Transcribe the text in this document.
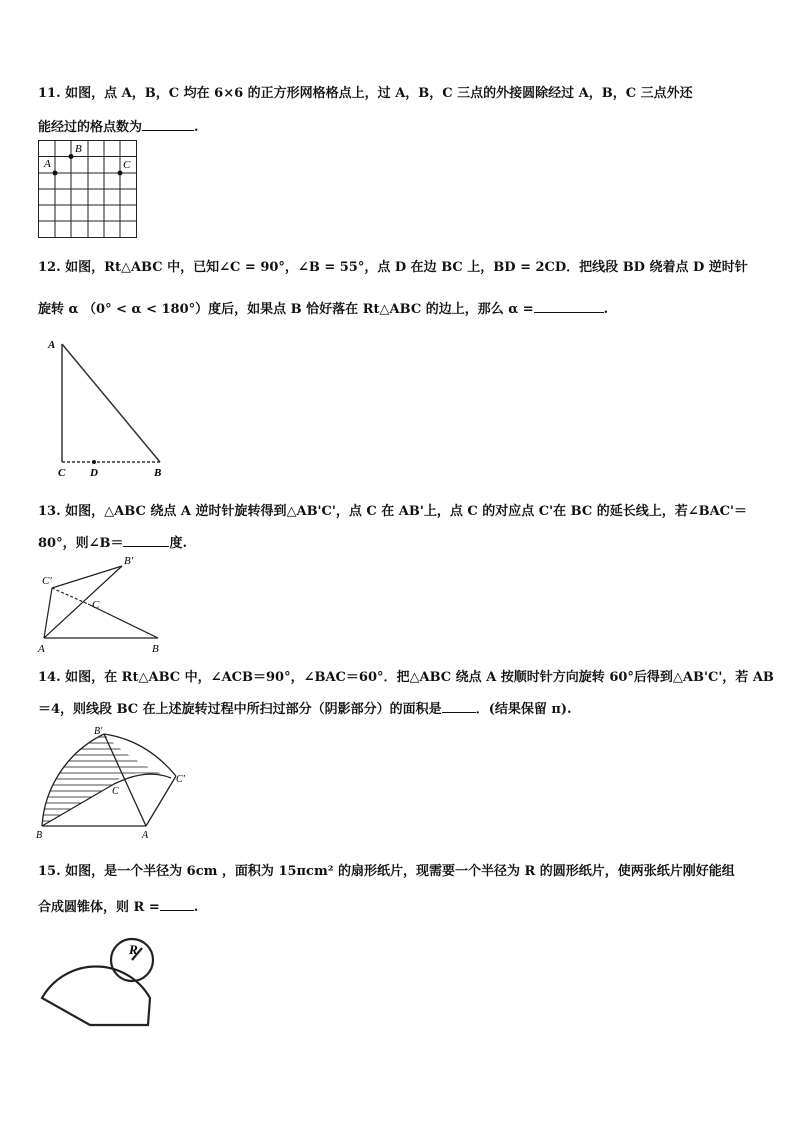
11. 如图，点 A，B，C 均在 6×6 的正方形网格格点上，过 A，B，C 三点的外接圆除经过 A，B，C 三点外还
能经过的格点数为	.
A
B
C
12. 如图，Rt△ABC 中，已知∠C = 90°，∠B = 55°，点 D 在边 BC 上，BD = 2CD．把线段 BD 绕着点 D 逆时针
旋转 α （0° < α < 180°）度后，如果点 B 恰好落在 Rt△ABC 的边上，那么 α =	.
A
C D	B
13. 如图，△ABC 绕点 A 逆时针旋转得到△AB'C'，点 C 在 AB'上，点 C 的对应点 C'在 BC 的延长线上，若∠BAC'＝
80°，则∠B＝	度.
B'
C'
C
A	B
14. 如图，在 Rt△ABC 中，∠ACB＝90°，∠BAC＝60°．把△ABC 绕点 A 按顺时针方向旋转 60°后得到△AB'C'，若 AB
＝4，则线段 BC 在上述旋转过程中所扫过部分（阴影部分）的面积是	．(结果保留 π).
B'
C'
C
B	A
15. 如图，是一个半径为 6cm ，面积为 15πcm² 的扇形纸片，现需要一个半径为 R 的圆形纸片，使两张纸片刚好能组
合成圆锥体，则 R =	.
R
